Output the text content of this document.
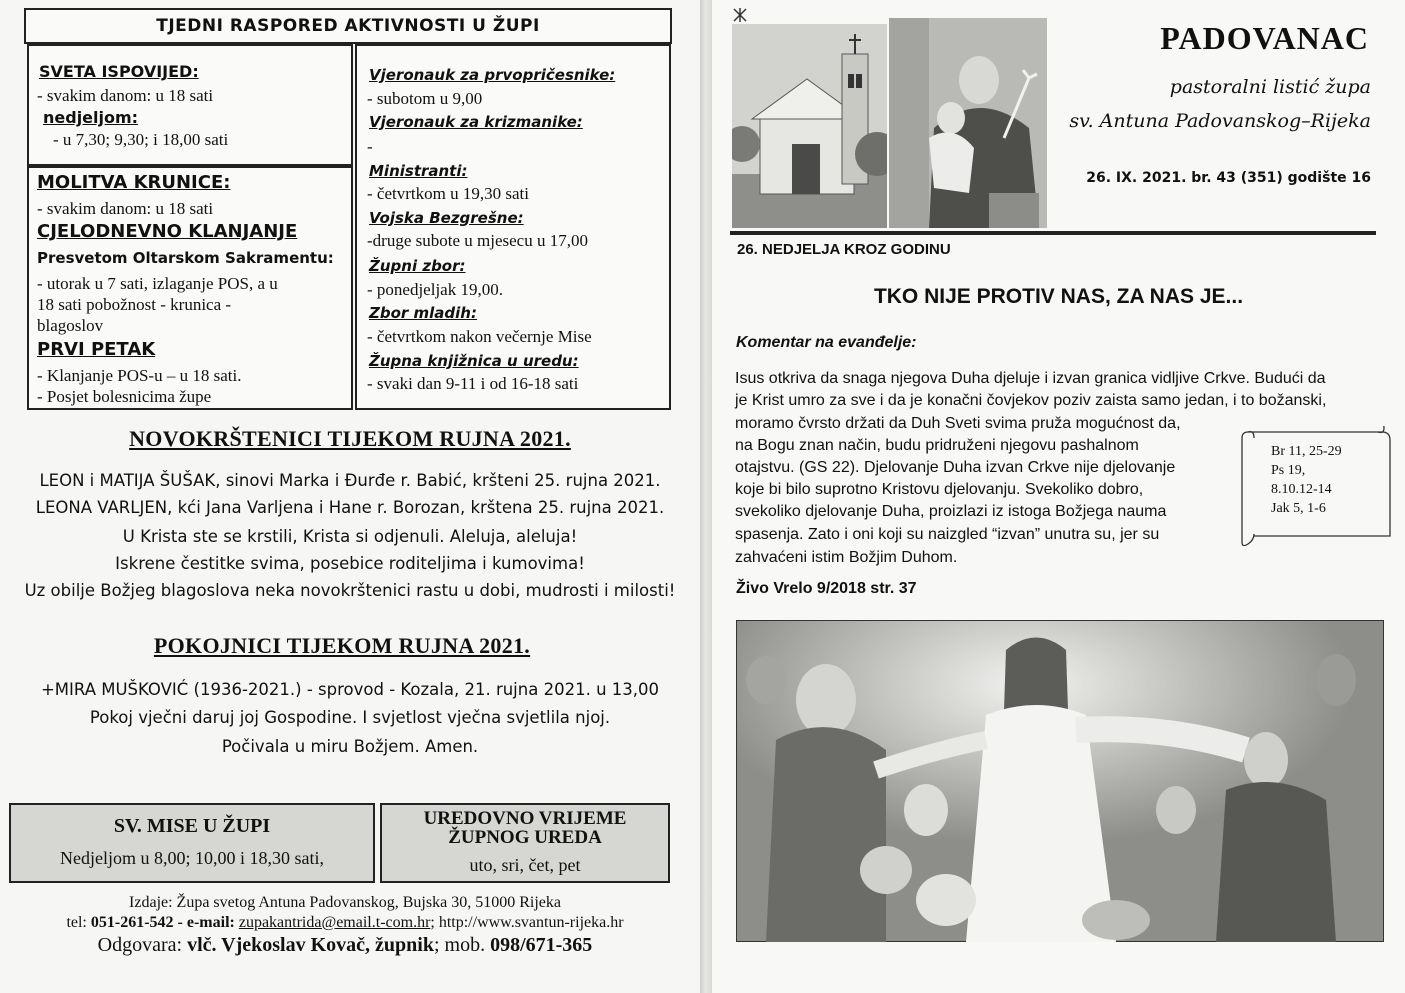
TJEDNI RASPORED AKTIVNOSTI U ŽUPI
SVETA ISPOVIJED:
- svakim danom: u 18 sati
nedjeljom:
- u 7,30; 9,30; i 18,00 sati
MOLITVA KRUNICE:
- svakim danom: u 18 sati
CJELODNEVNO KLANJANJE
Presvetom Oltarskom Sakramentu:
- utorak u 7 sati, izlaganje POS, a u
18 sati pobožnost - krunica -
blagoslov
PRVI PETAK
- Klanjanje POS-u – u 18 sati.
- Posjet bolesnicima župe
Vjeronauk za prvopričesnike:
- subotom u 9,00
Vjeronauk za krizmanike:
-
Ministranti:
- četvrtkom u 19,30 sati
Vojska Bezgrešne:
-druge subote u mjesecu u 17,00
Župni zbor:
- ponedjeljak 19,00.
Zbor mladih:
- četvrtkom nakon večernje Mise
Župna knjižnica u uredu:
- svaki dan 9-11 i od 16-18 sati
NOVOKRŠTENICI TIJEKOM RUJNA 2021.
LEON i MATIJA ŠUŠAK, sinovi Marka i Đurđe r. Babić, kršteni 25. rujna 2021.
LEONA VARLJEN, kći Jana Varljena i Hane r. Borozan, krštena 25. rujna 2021.
U Krista ste se krstili, Krista si odjenuli. Aleluja, aleluja!
Iskrene čestitke svima, posebice roditeljima i kumovima!
Uz obilje Božjeg blagoslova neka novokrštenici rastu u dobi, mudrosti i milosti!
POKOJNICI TIJEKOM RUJNA 2021.
+MIRA MUŠKOVIĆ (1936-2021.) - sprovod - Kozala, 21. rujna 2021. u 13,00
Pokoj vječni daruj joj Gospodine. I svjetlost vječna svjetlila njoj.
Počivala u miru Božjem. Amen.
SV. MISE U ŽUPI
Nedjeljom u 8,00; 10,00 i 18,30 sati,
UREDOVNO VRIJEME
ŽUPNOG UREDA
uto, sri, čet, pet
Izdaje: Župa svetog Antuna Padovanskog, Bujska 30, 51000 Rijeka
tel: 051-261-542 - e-mail: zupakantrida@email.t-com.hr; http://www.svantun-rijeka.hr
Odgovara: vlč. Vjekoslav Kovač, župnik; mob. 098/671-365
PADOVANAC
pastoralni listić župa
sv. Antuna Padovanskog–Rijeka
26. IX. 2021. br. 43 (351) godište 16
26. NEDJELJA KROZ GODINU
TKO NIJE PROTIV NAS, ZA NAS JE...
Komentar na evanđelje:
Isus otkriva da snaga njegova Duha djeluje i izvan granica vidljive Crkve. Budući da
je Krist umro za sve i da je konačni čovjekov poziv zaista samo jedan, i to božanski,
moramo čvrsto držati da Duh Sveti svima pruža mogućnost da,
na Bogu znan način, budu pridruženi njegovu pashalnom
otajstvu. (GS 22). Djelovanje Duha izvan Crkve nije djelovanje
koje bi bilo suprotno Kristovu djelovanju. Svekoliko dobro,
svekoliko djelovanje Duha, proizlazi iz istoga Božjega nauma
spasenja. Zato i oni koji su naizgled “izvan” unutra su, jer su
zahvaćeni istim Božjim Duhom.
Br 11, 25-29
Ps 19,
8.10.12-14
Jak 5, 1-6
Živo Vrelo 9/2018 str. 37
